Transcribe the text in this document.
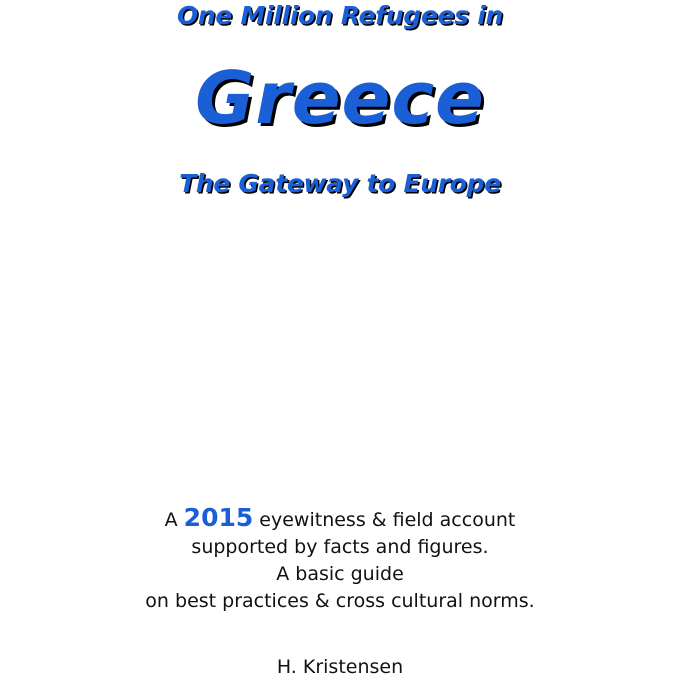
One Million Refugees in
Greece
The Gateway to Europe
A 2015 eyewitness & field account
supported by facts and figures.
A basic guide
on best practices & cross cultural norms.
H. Kristensen
